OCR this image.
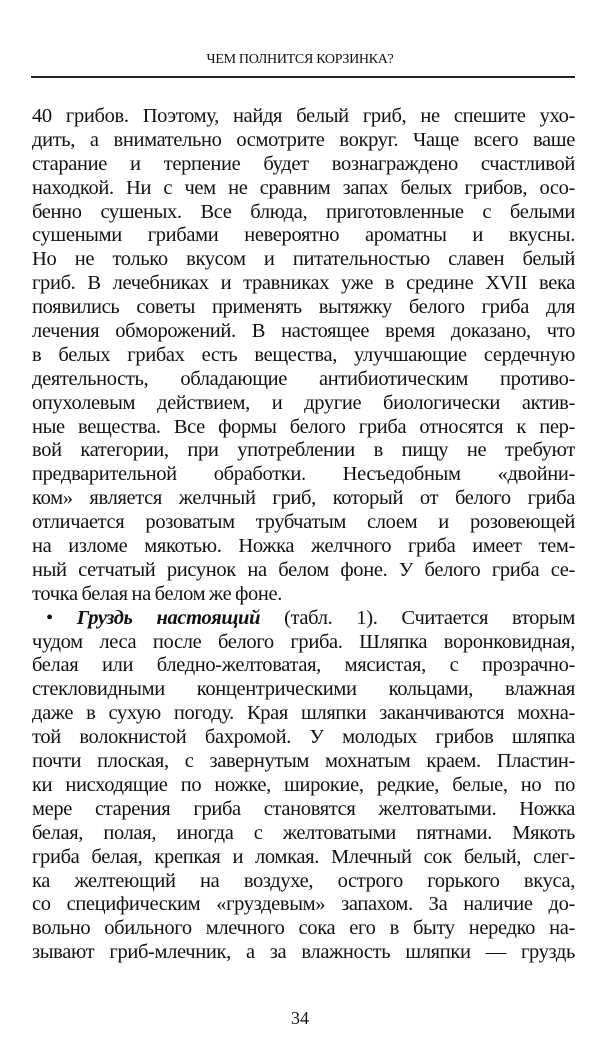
ЧЕМ ПОЛНИТСЯ КОРЗИНКА?
40 грибов. Поэтому, найдя белый гриб, не спешите ухо-
дить, а внимательно осмотрите вокруг. Чаще всего ваше
старание и терпение будет вознаграждено счастливой
находкой. Ни с чем не сравним запах белых грибов, осо-
бенно сушеных. Все блюда, приготовленные с белыми
сушеными грибами невероятно ароматны и вкусны.
Но не только вкусом и питательностью славен белый
гриб. В лечебниках и травниках уже в средине XVII века
появились советы применять вытяжку белого гриба для
лечения обморожений. В настоящее время доказано, что
в белых грибах есть вещества, улучшающие сердечную
деятельность, обладающие антибиотическим противо-
опухолевым действием, и другие биологически актив-
ные вещества. Все формы белого гриба относятся к пер-
вой категории, при употреблении в пищу не требуют
предварительной обработки. Несъедобным «двойни-
ком» является желчный гриб, который от белого гриба
отличается розоватым трубчатым слоем и розовеющей
на изломе мякотью. Ножка желчного гриба имеет тем-
ный сетчатый рисунок на белом фоне. У белого гриба се-
точка белая на белом же фоне.
• Груздь настоящий (табл. 1). Считается вторым
чудом леса после белого гриба. Шляпка воронковидная,
белая или бледно-желтоватая, мясистая, с прозрачно-
стекловидными концентрическими кольцами, влажная
даже в сухую погоду. Края шляпки заканчиваются мохна-
той волокнистой бахромой. У молодых грибов шляпка
почти плоская, с завернутым мохнатым краем. Пластин-
ки нисходящие по ножке, широкие, редкие, белые, но по
мере старения гриба становятся желтоватыми. Ножка
белая, полая, иногда с желтоватыми пятнами. Мякоть
гриба белая, крепкая и ломкая. Млечный сок белый, слег-
ка желтеющий на воздухе, острого горького вкуса,
со специфическим «груздевым» запахом. За наличие до-
вольно обильного млечного сока его в быту нередко на-
зывают гриб-млечник, а за влажность шляпки — груздь
34
